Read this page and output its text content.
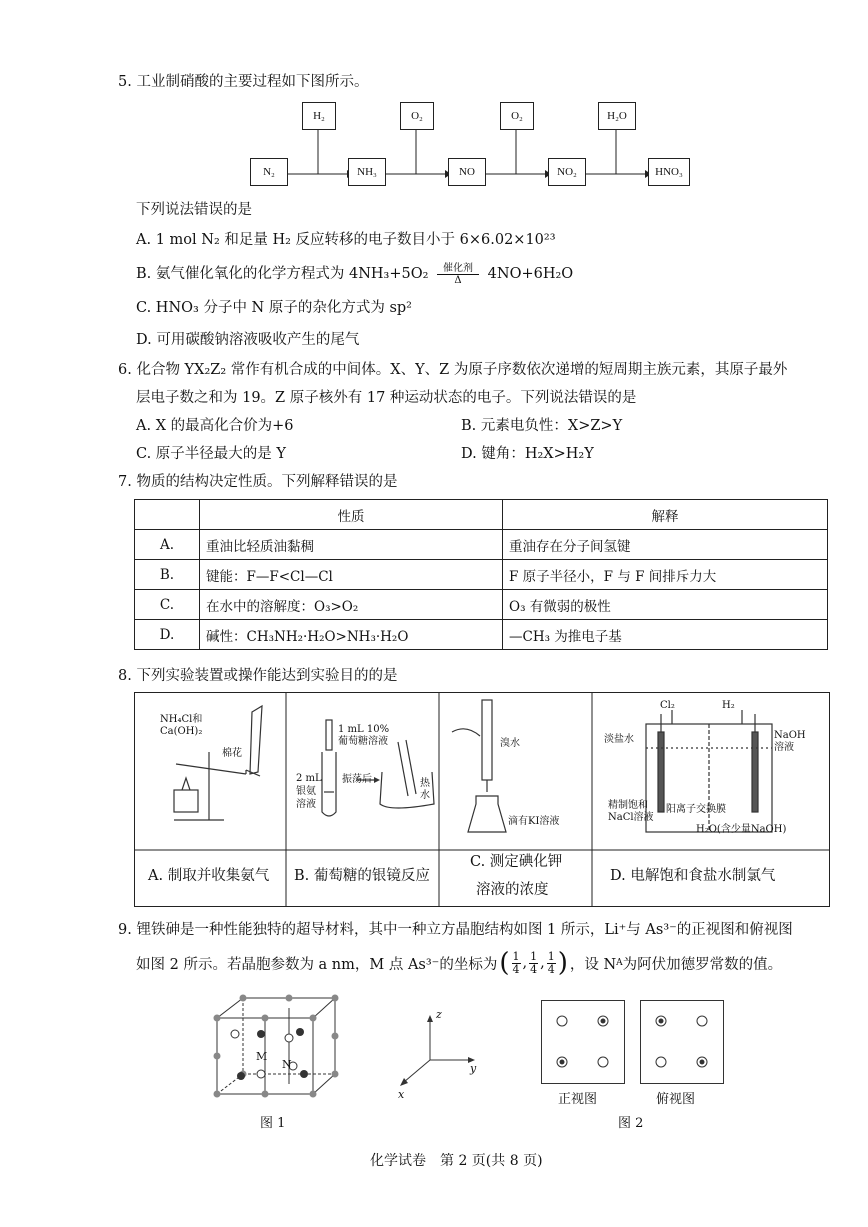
5. 工业制硝酸的主要过程如下图所示。
H₂	O₂	O₂	H₂O
N₂	NH₃	NO	NO₂	HNO₃
下列说法错误的是
A. 1 mol N₂ 和足量 H₂ 反应转移的电子数目小于 6×6.02×10²³
B. 氨气催化氧化的化学方程式为 4NH₃+5O₂	催化剂
Δ	4NO+6H₂O
C. HNO₃ 分子中 N 原子的杂化方式为 sp²
D. 可用碳酸钠溶液吸收产生的尾气
6. 化合物 YX₂Z₂ 常作有机合成的中间体。X、Y、Z 为原子序数依次递增的短周期主族元素，其原子最外
层电子数之和为 19。Z 原子核外有 17 种运动状态的电子。下列说法错误的是
A. X 的最高化合价为+6	B. 元素电负性：X>Z>Y
C. 原子半径最大的是 Y	D. 键角：H₂X>H₂Y
7. 物质的结构决定性质。下列解释错误的是
	性质	解释
A.	重油比轻质油黏稠	重油存在分子间氢键
B.	键能：F—F<Cl—Cl	F 原子半径小，F 与 F 间排斥力大
C.	在水中的溶解度：O₃>O₂	O₃ 有微弱的极性
D.	碱性：CH₃NH₂·H₂O>NH₃·H₂O	—CH₃ 为推电子基
8. 下列实验装置或操作能达到实验目的的是
NH₄Cl和
Ca(OH)₂
棉花
1 mL 10%
葡萄糖溶液
2 mL
银氨
溶液
振荡后	热
水
溴水
滴有KI溶液
Cl₂	H₂
淡盐水	NaOH
溶液
精制饱和
NaCl溶液
阳离子交换膜
H₂O(含少量NaOH)
A. 制取并收集氨气 B. 葡萄糖的银镜反应
C. 测定碘化钾
溶液的浓度
D. 电解饱和食盐水制氯气
9. 锂铁砷是一种性能独特的超导材料，其中一种立方晶胞结构如图 1 所示，Li⁺与 As³⁻的正视图和俯视图
如图 2 所示。若晶胞参数为 a nm，M 点 As³⁻的坐标为 ( $\frac{1}{4}$ , $\frac{1}{4}$ , $\frac{1}{4}$ ) ，设 N A 为阿伏加德罗常数的值。
M
N
图 1
z
y
x	正视图	俯视图
图 2
化学试卷　第 2 页(共 8 页)
